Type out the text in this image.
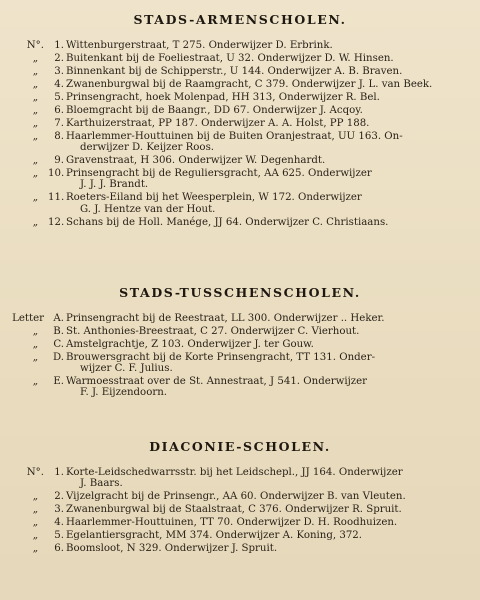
STADS-ARMENSCHOLEN.
N°.	1. Wittenburgerstraat, T 275. Onderwijzer D. Erbrink.
„	2. Buitenkant bij de Foeliestraat, U 32. Onderwijzer D. W. Hinsen.
„	3. Binnenkant bij de Schipperstr., U 144. Onderwijzer A. B. Braven.
„	4. Zwanenburgwal bij de Raamgracht, C 379. Onderwijzer J. L. van Beek.
„	5. Prinsengracht, hoek Molenpad, HH 313, Onderwijzer R. Bel.
„	6. Bloemgracht bij de Baangr., DD 67. Onderwijzer J. Acqoy.
„	7. Karthuizerstraat, PP 187. Onderwijzer A. A. Holst, PP 188.
„	8. Haarlemmer-Houttuinen bij de Buiten Oranjestraat, UU 163. On-
derwijzer D. Keijzer Roos.
„	9. Gravenstraat, H 306. Onderwijzer W. Degenhardt.
„ 10. Prinsengracht bij de Reguliersgracht, AA 625. Onderwijzer
J. J. J. Brandt.
„ 11. Roeters-Eiland bij het Weesperplein, W 172. Onderwijzer
G. J. Hentze van der Hout.
„ 12. Schans bij de Holl. Manége, JJ 64. Onderwijzer C. Christiaans.
STADS-TUSSCHENSCHOLEN.
Letter A. Prinsengracht bij de Reestraat, LL 300. Onderwijzer .. Heker.
„	B. St. Anthonies-Breestraat, C 27. Onderwijzer C. Vierhout.
„	C. Amstelgrachtje, Z 103. Onderwijzer J. ter Gouw.
„	D. Brouwersgracht bij de Korte Prinsengracht, TT 131. Onder-
wijzer C. F. Julius.
„	E. Warmoesstraat over de St. Annestraat, J 541. Onderwijzer
F. J. Eijzendoorn.
DIACONIE-SCHOLEN.
N°.	1. Korte-Leidschedwarrsstr. bij het Leidschepl., JJ 164. Onderwijzer
J. Baars.
„	2. Vijzelgracht bij de Prinsengr., AA 60. Onderwijzer B. van Vleuten.
„	3. Zwanenburgwal bij de Staalstraat, C 376. Onderwijzer R. Spruit.
„	4. Haarlemmer-Houttuinen, TT 70. Onderwijzer D. H. Roodhuizen.
„	5. Egelantiersgracht, MM 374. Onderwijzer A. Koning, 372.
„	6. Boomsloot, N 329. Onderwijzer J. Spruit.
